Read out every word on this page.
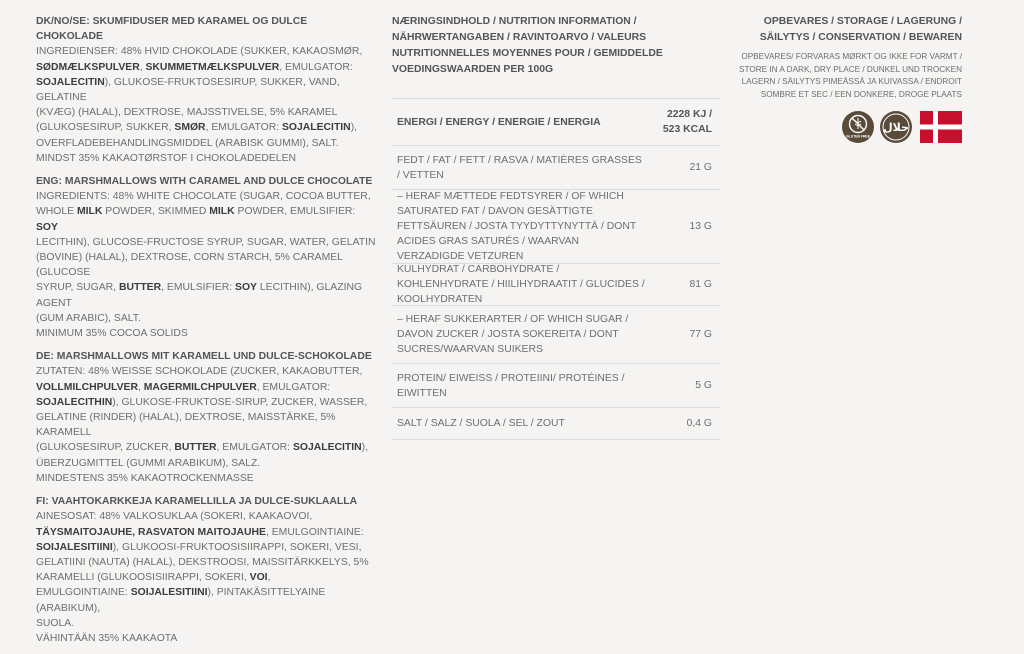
DK/NO/SE: SKUMFIDUSER MED KARAMEL OG DULCE CHOKOLADE

INGREDIENSER: 48% HVID CHOKOLADE (SUKKER, KAKAOSMØR,

SØDMÆLKSPULVER, SKUMMETMÆLKSPULVER, EMULGATOR:

SOJALECITIN), GLUKOSE-FRUKTOSESIRUP, SUKKER, VAND, GELATINE

(KVÆG) (HALAL), DEXTROSE, MAJSSTIVELSE, 5% KARAMEL

(GLUKOSESIRUP, SUKKER, SMØR, EMULGATOR: SOJALECITIN),

OVERFLADEBEHANDLINGSMIDDEL (ARABISK GUMMI), SALT.

MINDST 35% KAKAOTØRSTOF I CHOKOLADEDELEN

ENG: MARSHMALLOWS WITH CARAMEL AND DULCE CHOCOLATE

INGREDIENTS: 48% WHITE CHOCOLATE (SUGAR, COCOA BUTTER,

WHOLE MILK POWDER, SKIMMED MILK POWDER, EMULSIFIER: SOY

LECITHIN), GLUCOSE-FRUCTOSE SYRUP, SUGAR, WATER, GELATIN

(BOVINE) (HALAL), DEXTROSE, CORN STARCH, 5% CARAMEL (GLUCOSE

SYRUP, SUGAR, BUTTER, EMULSIFIER: SOY LECITHIN), GLAZING AGENT

(GUM ARABIC), SALT.

MINIMUM 35% COCOA SOLIDS

DE: MARSHMALLOWS MIT KARAMELL UND DULCE-SCHOKOLADE

ZUTATEN: 48% WEISSE SCHOKOLADE (ZUCKER, KAKAOBUTTER,

VOLLMILCHPULVER, MAGERMILCHPULVER, EMULGATOR:

SOJALECITHIN), GLUKOSE-FRUKTOSE-SIRUP, ZUCKER, WASSER,

GELATINE (RINDER) (HALAL), DEXTROSE, MAISSTÄRKE, 5% KARAMELL

(GLUKOSESIRUP, ZUCKER, BUTTER, EMULGATOR: SOJALECITIN),

ÜBERZUGMITTEL (GUMMI ARABIKUM), SALZ.

MINDESTENS 35% KAKAOTROCKENMASSE

FI: VAAHTOKARKKEJA KARAMELLILLA JA DULCE-SUKLAALLA

AINESOSAT: 48% VALKOSUKLAA (SOKERI, KAAKAOVOI,

TÄYSMAITOJAUHE, RASVATON MAITOJAUHE, EMULGOINTIAINE:

SOIJALESITIINI), GLUKOOSI-FRUKTOOSISIIRAPPI, SOKERI, VESI,

GELATIINI (NAUTA) (HALAL), DEKSTROOSI, MAISSITÄRKKELYS, 5%

KARAMELLI (GLUKOOSISIIRAPPI, SOKERI, VOI,

EMULGOINTIAINE: SOIJALESITIINI), PINTAKÄSITTELYAINE (ARABIKUM),

SUOLA.

VÄHINTÄÄN 35% KAAKAOTA

NÆRINGSINDHOLD / NUTRITION INFORMATION / NÄHRWERTANGABEN / RAVINTOARVO / VALEURS NUTRITIONNELLES MOYENNES POUR / GEMIDDELDE VOEDINGSWAARDEN PER 100G
ENERGI / ENERGY / ENERGIE / ENERGIA
2228 KJ /
523 KCAL
FEDT / FAT / FETT / RASVA / MATIÈRES GRASSES / VETTEN
21 G
– HERAF MÆTTEDE FEDTSYRER / OF WHICH SATURATED FAT / DAVON GESÄTTIGTE FETTSÄUREN / JOSTA TYYDYTTYNYTTÄ / DONT ACIDES GRAS SATURÉS / WAARVAN VERZADIGDE VETZUREN
13 G
KULHYDRAT / CARBOHYDRATE / KOHLENHYDRATE / HIILIHYDRAATIT / GLUCIDES / KOOLHYDRATEN
81 G
– HERAF SUKKERARTER / OF WHICH SUGAR / DAVON ZUCKER / JOSTA SOKEREITA / DONT SUCRES/WAARVAN SUIKERS
77 G
PROTEIN/ EIWEISS / PROTEIINI/ PROTÉINES / EIWITTEN
5 G
SALT / SALZ / SUOLA / SEL / ZOUT	0,4 G
OPBEVARES / STORAGE / LAGERUNG / SÄILYTYS / CONSERVATION / BEWAREN
OPBEVARES/ FORVARAS MØRKT OG IKKE FOR VARMT / STORE IN A DARK, DRY PLACE / DUNKEL UND TROCKEN LAGERN / SÄILYTYS PIMEÄSSÄ JA KUIVASSA / ENDROIT SOMBRE ET SEC / EEN DONKERE, DROGE PLAATS
GLUTEN FREE
حلال
